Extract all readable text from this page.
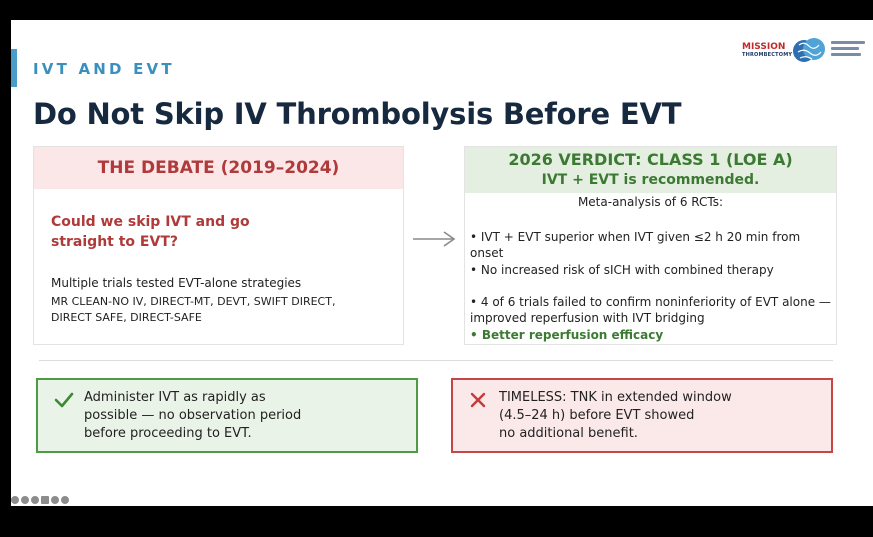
IVT AND EVT
Do Not Skip IV Thrombolysis Before EVT
MISSION
THROMBECTOMY
THE DEBATE (2019–2024)
Could we skip IVT and go
straight to EVT?
Multiple trials tested EVT-alone strategies
MR CLEAN-NO IV, DIRECT-MT, DEVT, SWIFT DIRECT,
DIRECT SAFE, DIRECT-SAFE
2026 VERDICT: CLASS 1 (LOE A)
IVT + EVT is recommended.
Meta-analysis of 6 RCTs:
• IVT + EVT superior when IVT given ≤2 h 20 min from
onset
• No increased risk of sICH with combined therapy
• 4 of 6 trials failed to confirm noninferiority of EVT alone —
improved reperfusion with IVT bridging
• Better reperfusion efficacy
Administer IVT as rapidly as
possible — no observation period
before proceeding to EVT.
TIMELESS: TNK in extended window
(4.5–24 h) before EVT showed
no additional benefit.
